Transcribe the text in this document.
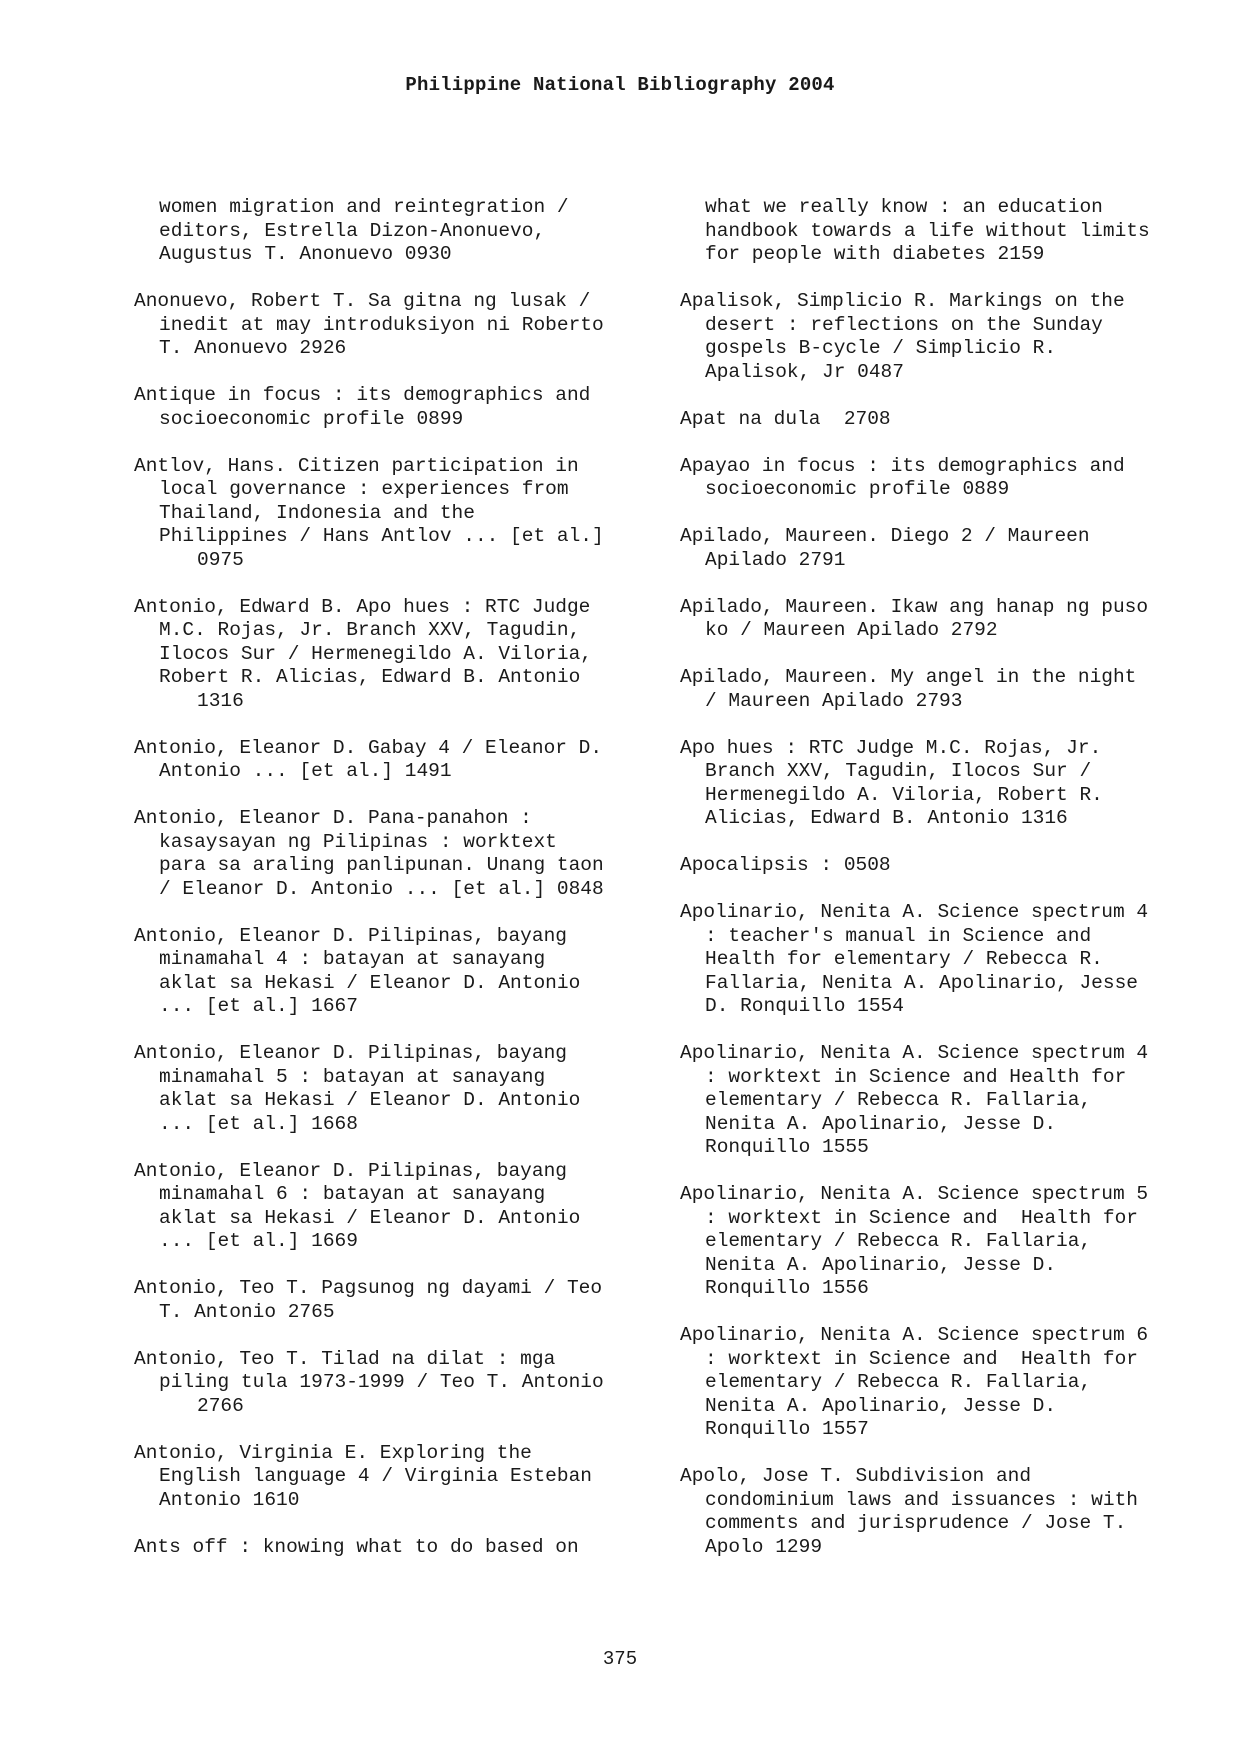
Philippine National Bibliography 2004
women migration and reintegration /
editors, Estrella Dizon-Anonuevo,
Augustus T. Anonuevo 0930
Anonuevo, Robert T. Sa gitna ng lusak /
inedit at may introduksiyon ni Roberto
T. Anonuevo 2926
Antique in focus : its demographics and
socioeconomic profile 0899
Antlov, Hans. Citizen participation in
local governance : experiences from
Thailand, Indonesia and the
Philippines / Hans Antlov ... [et al.]
0975
Antonio, Edward B. Apo hues : RTC Judge
M.C. Rojas, Jr. Branch XXV, Tagudin,
Ilocos Sur / Hermenegildo A. Viloria,
Robert R. Alicias, Edward B. Antonio
1316
Antonio, Eleanor D. Gabay 4 / Eleanor D.
Antonio ... [et al.] 1491
Antonio, Eleanor D. Pana-panahon :
kasaysayan ng Pilipinas : worktext
para sa araling panlipunan. Unang taon
/ Eleanor D. Antonio ... [et al.] 0848
Antonio, Eleanor D. Pilipinas, bayang
minamahal 4 : batayan at sanayang
aklat sa Hekasi / Eleanor D. Antonio
... [et al.] 1667
Antonio, Eleanor D. Pilipinas, bayang
minamahal 5 : batayan at sanayang
aklat sa Hekasi / Eleanor D. Antonio
... [et al.] 1668
Antonio, Eleanor D. Pilipinas, bayang
minamahal 6 : batayan at sanayang
aklat sa Hekasi / Eleanor D. Antonio
... [et al.] 1669
Antonio, Teo T. Pagsunog ng dayami / Teo
T. Antonio 2765
Antonio, Teo T. Tilad na dilat : mga
piling tula 1973-1999 / Teo T. Antonio
2766
Antonio, Virginia E. Exploring the
English language 4 / Virginia Esteban
Antonio 1610
Ants off : knowing what to do based on
what we really know : an education
handbook towards a life without limits
for people with diabetes 2159
Apalisok, Simplicio R. Markings on the
desert : reflections on the Sunday
gospels B-cycle / Simplicio R.
Apalisok, Jr 0487
Apat na dula  2708
Apayao in focus : its demographics and
socioeconomic profile 0889
Apilado, Maureen. Diego 2 / Maureen
Apilado 2791
Apilado, Maureen. Ikaw ang hanap ng puso
ko / Maureen Apilado 2792
Apilado, Maureen. My angel in the night
/ Maureen Apilado 2793
Apo hues : RTC Judge M.C. Rojas, Jr.
Branch XXV, Tagudin, Ilocos Sur /
Hermenegildo A. Viloria, Robert R.
Alicias, Edward B. Antonio 1316
Apocalipsis : 0508
Apolinario, Nenita A. Science spectrum 4
: teacher's manual in Science and
Health for elementary / Rebecca R.
Fallaria, Nenita A. Apolinario, Jesse
D. Ronquillo 1554
Apolinario, Nenita A. Science spectrum 4
: worktext in Science and Health for
elementary / Rebecca R. Fallaria,
Nenita A. Apolinario, Jesse D.
Ronquillo 1555
Apolinario, Nenita A. Science spectrum 5
: worktext in Science and  Health for
elementary / Rebecca R. Fallaria,
Nenita A. Apolinario, Jesse D.
Ronquillo 1556
Apolinario, Nenita A. Science spectrum 6
: worktext in Science and  Health for
elementary / Rebecca R. Fallaria,
Nenita A. Apolinario, Jesse D.
Ronquillo 1557
Apolo, Jose T. Subdivision and
condominium laws and issuances : with
comments and jurisprudence / Jose T.
Apolo 1299
375
